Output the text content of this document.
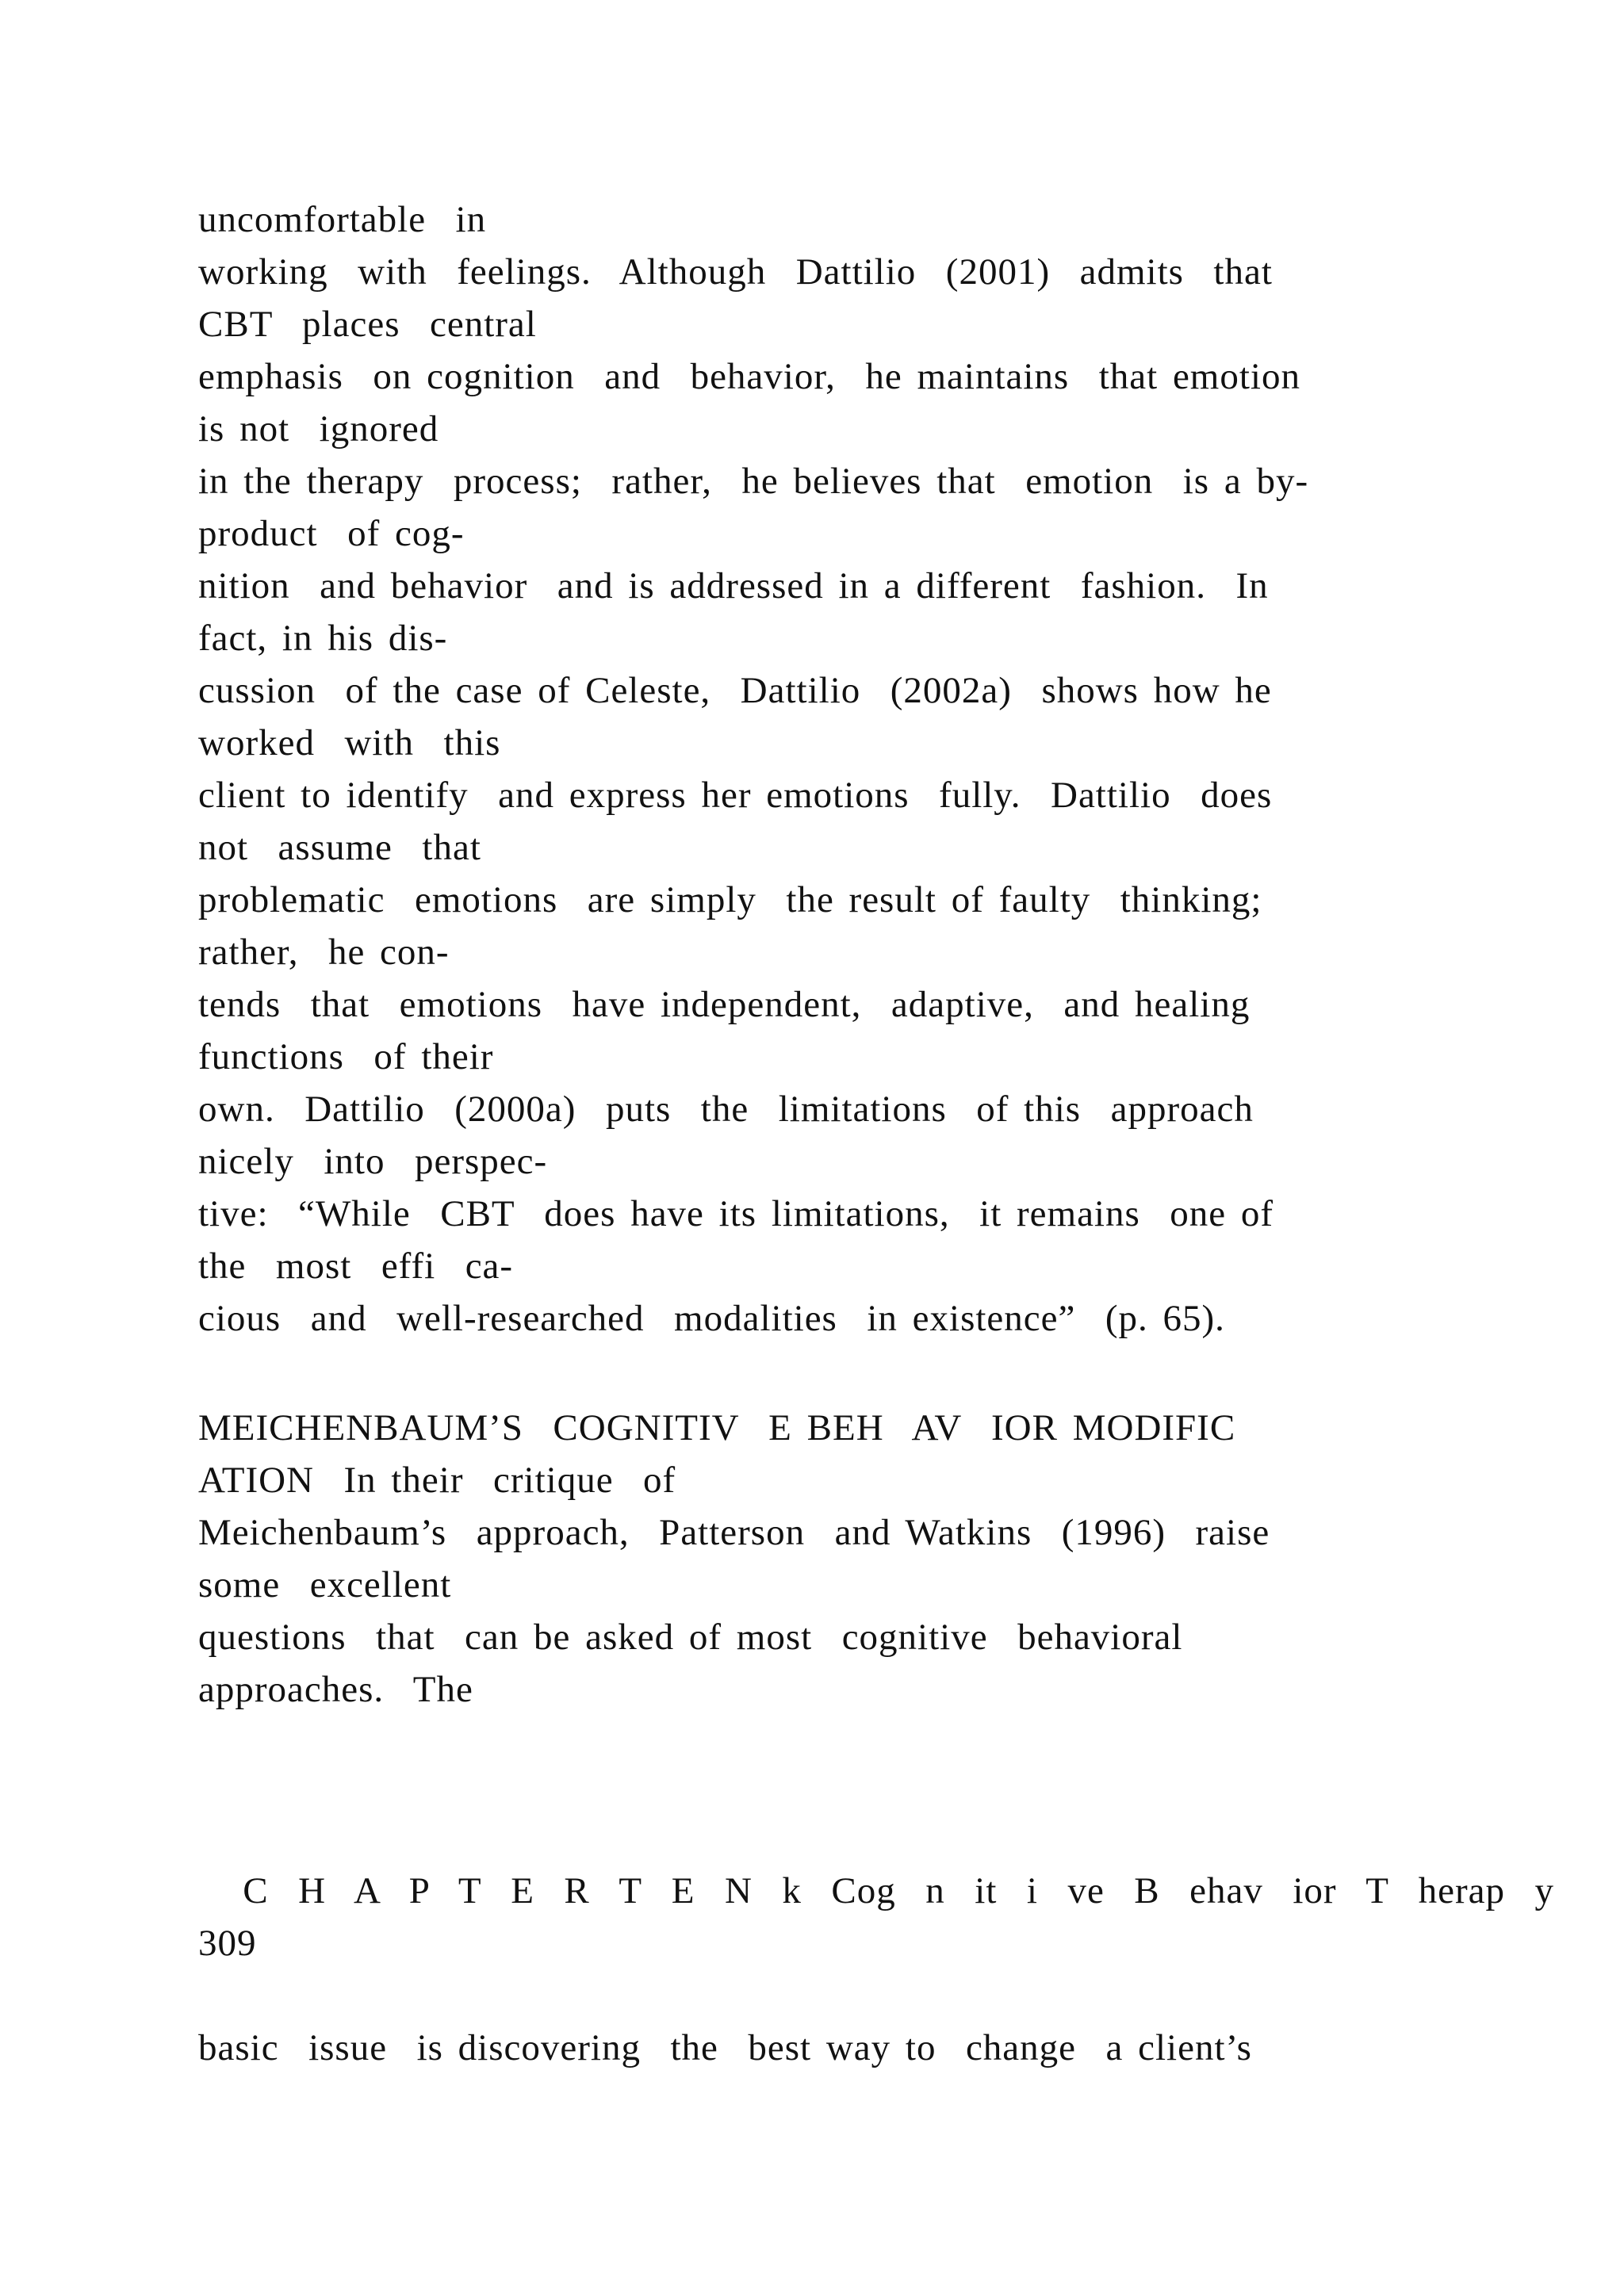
uncomfortable  in
working  with  feelings.  Although  Dattilio  (2001)  admits  that
CBT  places  central
emphasis  on cognition  and  behavior,  he maintains  that emotion
is not  ignored
in the therapy  process;  rather,  he believes that  emotion  is a by-
product  of cog-
nition  and behavior  and is addressed in a different  fashion.  In
fact, in his dis-
cussion  of the case of Celeste,  Dattilio  (2002a)  shows how he
worked  with  this
client to identify  and express her emotions  fully.  Dattilio  does
not  assume  that
problematic  emotions  are simply  the result of faulty  thinking;
rather,  he con-
tends  that  emotions  have independent,  adaptive,  and healing
functions  of their
own.  Dattilio  (2000a)  puts  the  limitations  of this  approach
nicely  into  perspec-
tive:  “While  CBT  does have its limitations,  it remains  one of
the  most  effi  ca-
cious  and  well-researched  modalities  in existence”  (p. 65).
MEICHENBAUM’S  COGNITIV  E BEH  AV  IOR MODIFIC
ATION  In their  critique  of
Meichenbaum’s  approach,  Patterson  and Watkins  (1996)  raise
some  excellent
questions  that  can be asked of most  cognitive  behavioral
approaches.  The
C  H  A  P  T  E  R  T  E  N  k  Cog  n  it  i  ve  B  ehav  ior  T  herap  y
309
basic  issue  is discovering  the  best way to  change  a client’s
